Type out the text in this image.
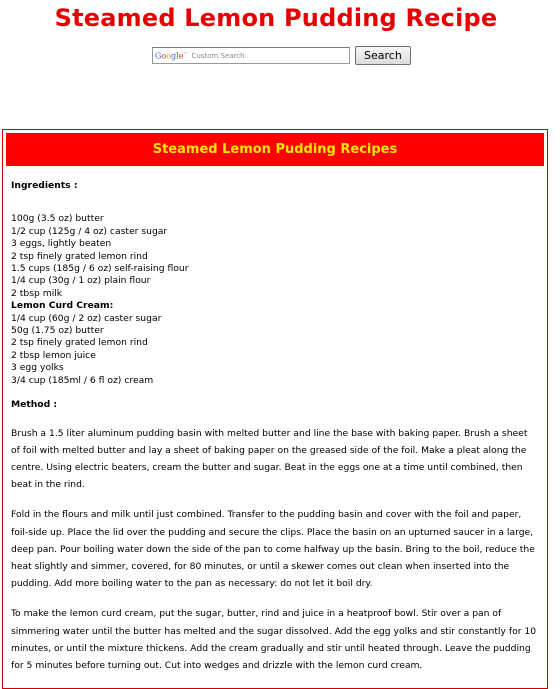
Steamed Lemon Pudding Recipe
Google™ Custom Search	Search
Steamed Lemon Pudding Recipes
Ingredients :
100g (3.5 oz) butter
1/2 cup (125g / 4 oz) caster sugar
3 eggs, lightly beaten
2 tsp finely grated lemon rind
1.5 cups (185g / 6 oz) self-raising flour
1/4 cup (30g / 1 oz) plain flour
2 tbsp milk
Lemon Curd Cream:
1/4 cup (60g / 2 oz) caster sugar
50g (1.75 oz) butter
2 tsp finely grated lemon rind
2 tbsp lemon juice
3 egg yolks
3/4 cup (185ml / 6 fl oz) cream
Method :
Brush a 1.5 liter aluminum pudding basin with melted butter and line the base with baking paper. Brush a sheet of foil with melted butter and lay a sheet of baking paper on the greased side of the foil. Make a pleat along the centre. Using electric beaters, cream the butter and sugar. Beat in the eggs one at a time until combined, then beat in the rind.
Fold in the flours and milk until just combined. Transfer to the pudding basin and cover with the foil and paper, foil-side up. Place the lid over the pudding and secure the clips. Place the basin on an upturned saucer in a large, deep pan. Pour boiling water down the side of the pan to come halfway up the basin. Bring to the boil, reduce the heat slightly and simmer, covered, for 80 minutes, or until a skewer comes out clean when inserted into the pudding. Add more boiling water to the pan as necessary: do not let it boil dry.
To make the lemon curd cream, put the sugar, butter, rind and juice in a heatproof bowl. Stir over a pan of simmering water until the butter has melted and the sugar dissolved. Add the egg yolks and stir constantly for 10 minutes, or until the mixture thickens. Add the cream gradually and stir until heated through. Leave the pudding for 5 minutes before turning out. Cut into wedges and drizzle with the lemon curd cream.
